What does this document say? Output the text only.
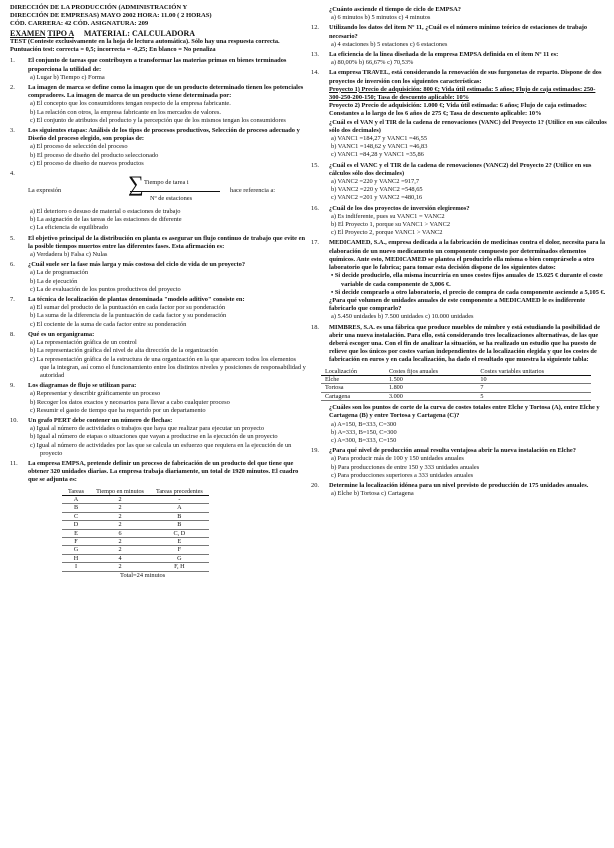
DIRECCIÓN DE LA PRODUCCIÓN (ADMINISTRACIÓN Y
DIRECCIÓN DE EMPRESAS) MAYO 2002 HORA: 11.00 ( 2 HORAS)
CÓD. CARRERA: 42 CÓD. ASIGNATURA: 209
EXAMEN TIPO A MATERIAL: CALCULADORA
TEST (Conteste exclusivamente en la hoja de lectura automática). Sólo hay una respuesta correcta. Puntuación test: correcta = 0,5; incorrecta = -0,25; En blanco = No penaliza
1.	El conjunto de tareas que contribuyen a transformar las materias primas en bienes terminados proporciona la utilidad de:
a) Lugar b) Tiempo c) Forma
2.	La imagen de marca se define como la imagen que de un producto determinado tienen los potenciales compradores. La imagen de marca de un producto viene determinada por:
a) El concepto que los consumidores tengan respecto de la empresa fabricante.
b) La relación con otros, la empresa fabricante en los mercados de valores.
c) El conjunto de atributos del producto y la percepción que de los mismos tengan los consumidores
3.	Los siguientes etapas: Análisis de los tipos de procesos productivos, Selección de proceso adecuado y Diseño del proceso elegido, son propias de:
a) El proceso de selección del proceso
b) El proceso de diseño del producto seleccionado
c) El proceso de diseño de nuevos productos
4.
La expresión	∑ Tiempo de tarea i
Nº de estaciones
hace referencia a:
a) El deterioro o desuso de material o estaciones de trabajo
b) La asignación de las tareas de las estaciones de diferente
c) La eficiencia de equilibrado
5.	El objetivo principal de la distribución en planta es asegurar un flujo continuo de trabajo que evite en la posible tiempos muertos entre las diferentes fases. Esta afirmación es:
a) Verdadera b) Falsa c) Nulas
6.	¿Cuál suele ser la fase más larga y más costosa del ciclo de vida de un proyecto?
a) La de programación
b) La de ejecución
c) La de evaluación de los puntos productivos del proyecto
7.	La técnica de localización de plantas denominada "modelo aditivo" consiste en:
a) El sumar del producto de la puntuación en cada factor por su ponderación
b) La suma de la diferencia de la puntuación de cada factor y su ponderación
c) El cociente de la suma de cada factor entre su ponderación
8.	Qué es un organigrama:
a) La representación gráfica de un control
b) La representación gráfica del nivel de alta dirección de la organización
c) La representación gráfica de la estructura de una organización en la que aparecen todos los elementos que la integran, así como el funcionamiento entre los distintos niveles y posiciones de responsabilidad y autoridad
9.	Los diagramas de flujo se utilizan para:
a) Representar y describir gráficamente un proceso
b) Recoger los datos exactos y necesarios para llevar a cabo cualquier proceso
c) Resumir el gasto de tiempo que ha requerido por un departamento
10.	Un grafo PERT debe contener un número de flechas:
a) Igual al número de actividades o trabajos que haya que realizar para ejecutar un proyecto
b) Igual al número de etapas o situaciones que vayan a producirse en la ejecución de un proyecto
c) Igual al número de actividades por las que se calcula un esfuerzo que requiera en la ejecución de un proyecto
11.	La empresa EMPSA, pretende definir un proceso de fabricación de un producto del que tiene que obtener 320 unidades diarias. La empresa trabaja diariamente, un total de 1920 minutos. El cuadro que se adjunta es:
Tareas	Tiempo en minutos	Tareas precedentes
A	2	-
B	2	A
C	2	B
D	2	B
E	6	C, D
F	2	E
G	2	F
H	4	G
I	2	F, H
Total=24 minutos
¿Cuánto asciende el tiempo de ciclo de EMPSA?
a) 6 minutos b) 5 minutos c) 4 minutos
12.	Utilizando los datos del item Nº 11, ¿Cuál es el número mínimo teórico de estaciones de trabajo necesario?
a) 4 estaciones b) 5 estaciones c) 6 estaciones
13.	La eficiencia de la línea diseñada de la empresa EMPSA definida en el ítem Nº 11 es:
a) 80,00% b) 66,67% c) 70,53%
14.	La empresa TRAVEL, está considerando la renovación de sus furgonetas de reparto. Dispone de dos proyectos de inversión con los siguientes características:
Proyecto 1) Precio de adquisición: 800 €; Vida útil estimada: 5 años; Flujo de caja estimados: 250-300-250-200-150; Tasa de descuento aplicable: 10%
Proyecto 2) Precio de adquisición: 1.000 €; Vida útil estimada: 6 años; Flujo de caja estimados: Constantes a lo largo de los 6 años de 275 €; Tasa de descuento aplicable: 10%
¿Cuál es el VAN y el TIR de la cadena de renovaciones (VANC) del Proyecto 1? (Utilice en sus cálculos sólo dos decimales)
a) VANC1 =184,27 y VANC1 =46,55
b) VANC1 =148,62 y VANC1 =46,83
c) VANC1 =84,28 y VANC1 =35,86
15.	¿Cuál es el VANC y el TIR de la cadena de renovaciones (VANC2) del Proyecto 2? (Utilice en sus cálculos sólo dos decimales)
a) VANC2 =220 y VANC2 =917,7
b) VANC2 =220 y VANC2 =548,65
c) VANC2 =201 y VANC2 =480,16
16.	¿Cuál de los dos proyectos de inversión elegiremos?
a) Es indiferente, pues su VANC1 = VANC2
b) El Proyecto 1, porque su VANC1 > VANC2
c) El Proyecto 2, porque VANC1 > VANC2
17.	MEDICAMED, S.A., empresa dedicada a la fabricación de medicinas contra el dolor, necesita para la elaboración de un nuevo medicamento un componente compuesto por determinados elementos químicos. Ante esto, MEDICAMED se plantea el producirlo ella misma o bien comprárselo a otro laboratorio que lo fabrica; para tomar esta decisión dispone de los siguientes datos:
• Si decide producirlo, ella misma incurriría en unos costes fijos anuales de 15.025 € durante el coste variable de cada componente de 3,006 €.
• Si decide comprarlo a otro laboratorio, el precio de compra de cada componente asciende a 5,105 €.
¿Para qué volumen de unidades anuales de este componente a MEDICAMED le es indiferente fabricarlo que comprarlo?
a) 5.450 unidades b) 7.500 unidades c) 10.000 unidades
18.	MIMBRES, S.A. es una fábrica que produce muebles de mimbre y está estudiando la posibilidad de abrir una nueva instalación. Para ello, está considerando tres localizaciones alternativas, de las que deberá escoger una. Con el fin de analizar la situación, se ha realizado un estudio que ha puesto de relieve que los únicos por costes varían independientes de la localización elegida y que los costes de fabricación en euros y en cada localización, ha dado el resultado que muestra la siguiente tabla:
Localización	Costes fijos anuales	Costes variables unitarios
Elche	1.500	10
Tortosa	1.800	7
Cartagena	3.000	5
¿Cuáles son los puntos de corte de la curva de costes totales entre Elche y Tortosa (A), entre Elche y Cartagena (B) y entre Tortosa y Cartagena (C)?
a) A=150, B=333, C=300
b) A=333, B=150, C=300
c) A=300, B=333, C=150
19.	¿Para qué nivel de producción anual resulta ventajosa abrir la nueva instalación en Elche?
a) Para producir más de 100 y 150 unidades anuales
b) Para producciones de entre 150 y 333 unidades anuales
c) Para producciones superiores a 333 unidades anuales
20.	Determine la localización idónea para un nivel previsto de producción de 175 unidades anuales.
a) Elche b) Tortosa c) Cartagena
